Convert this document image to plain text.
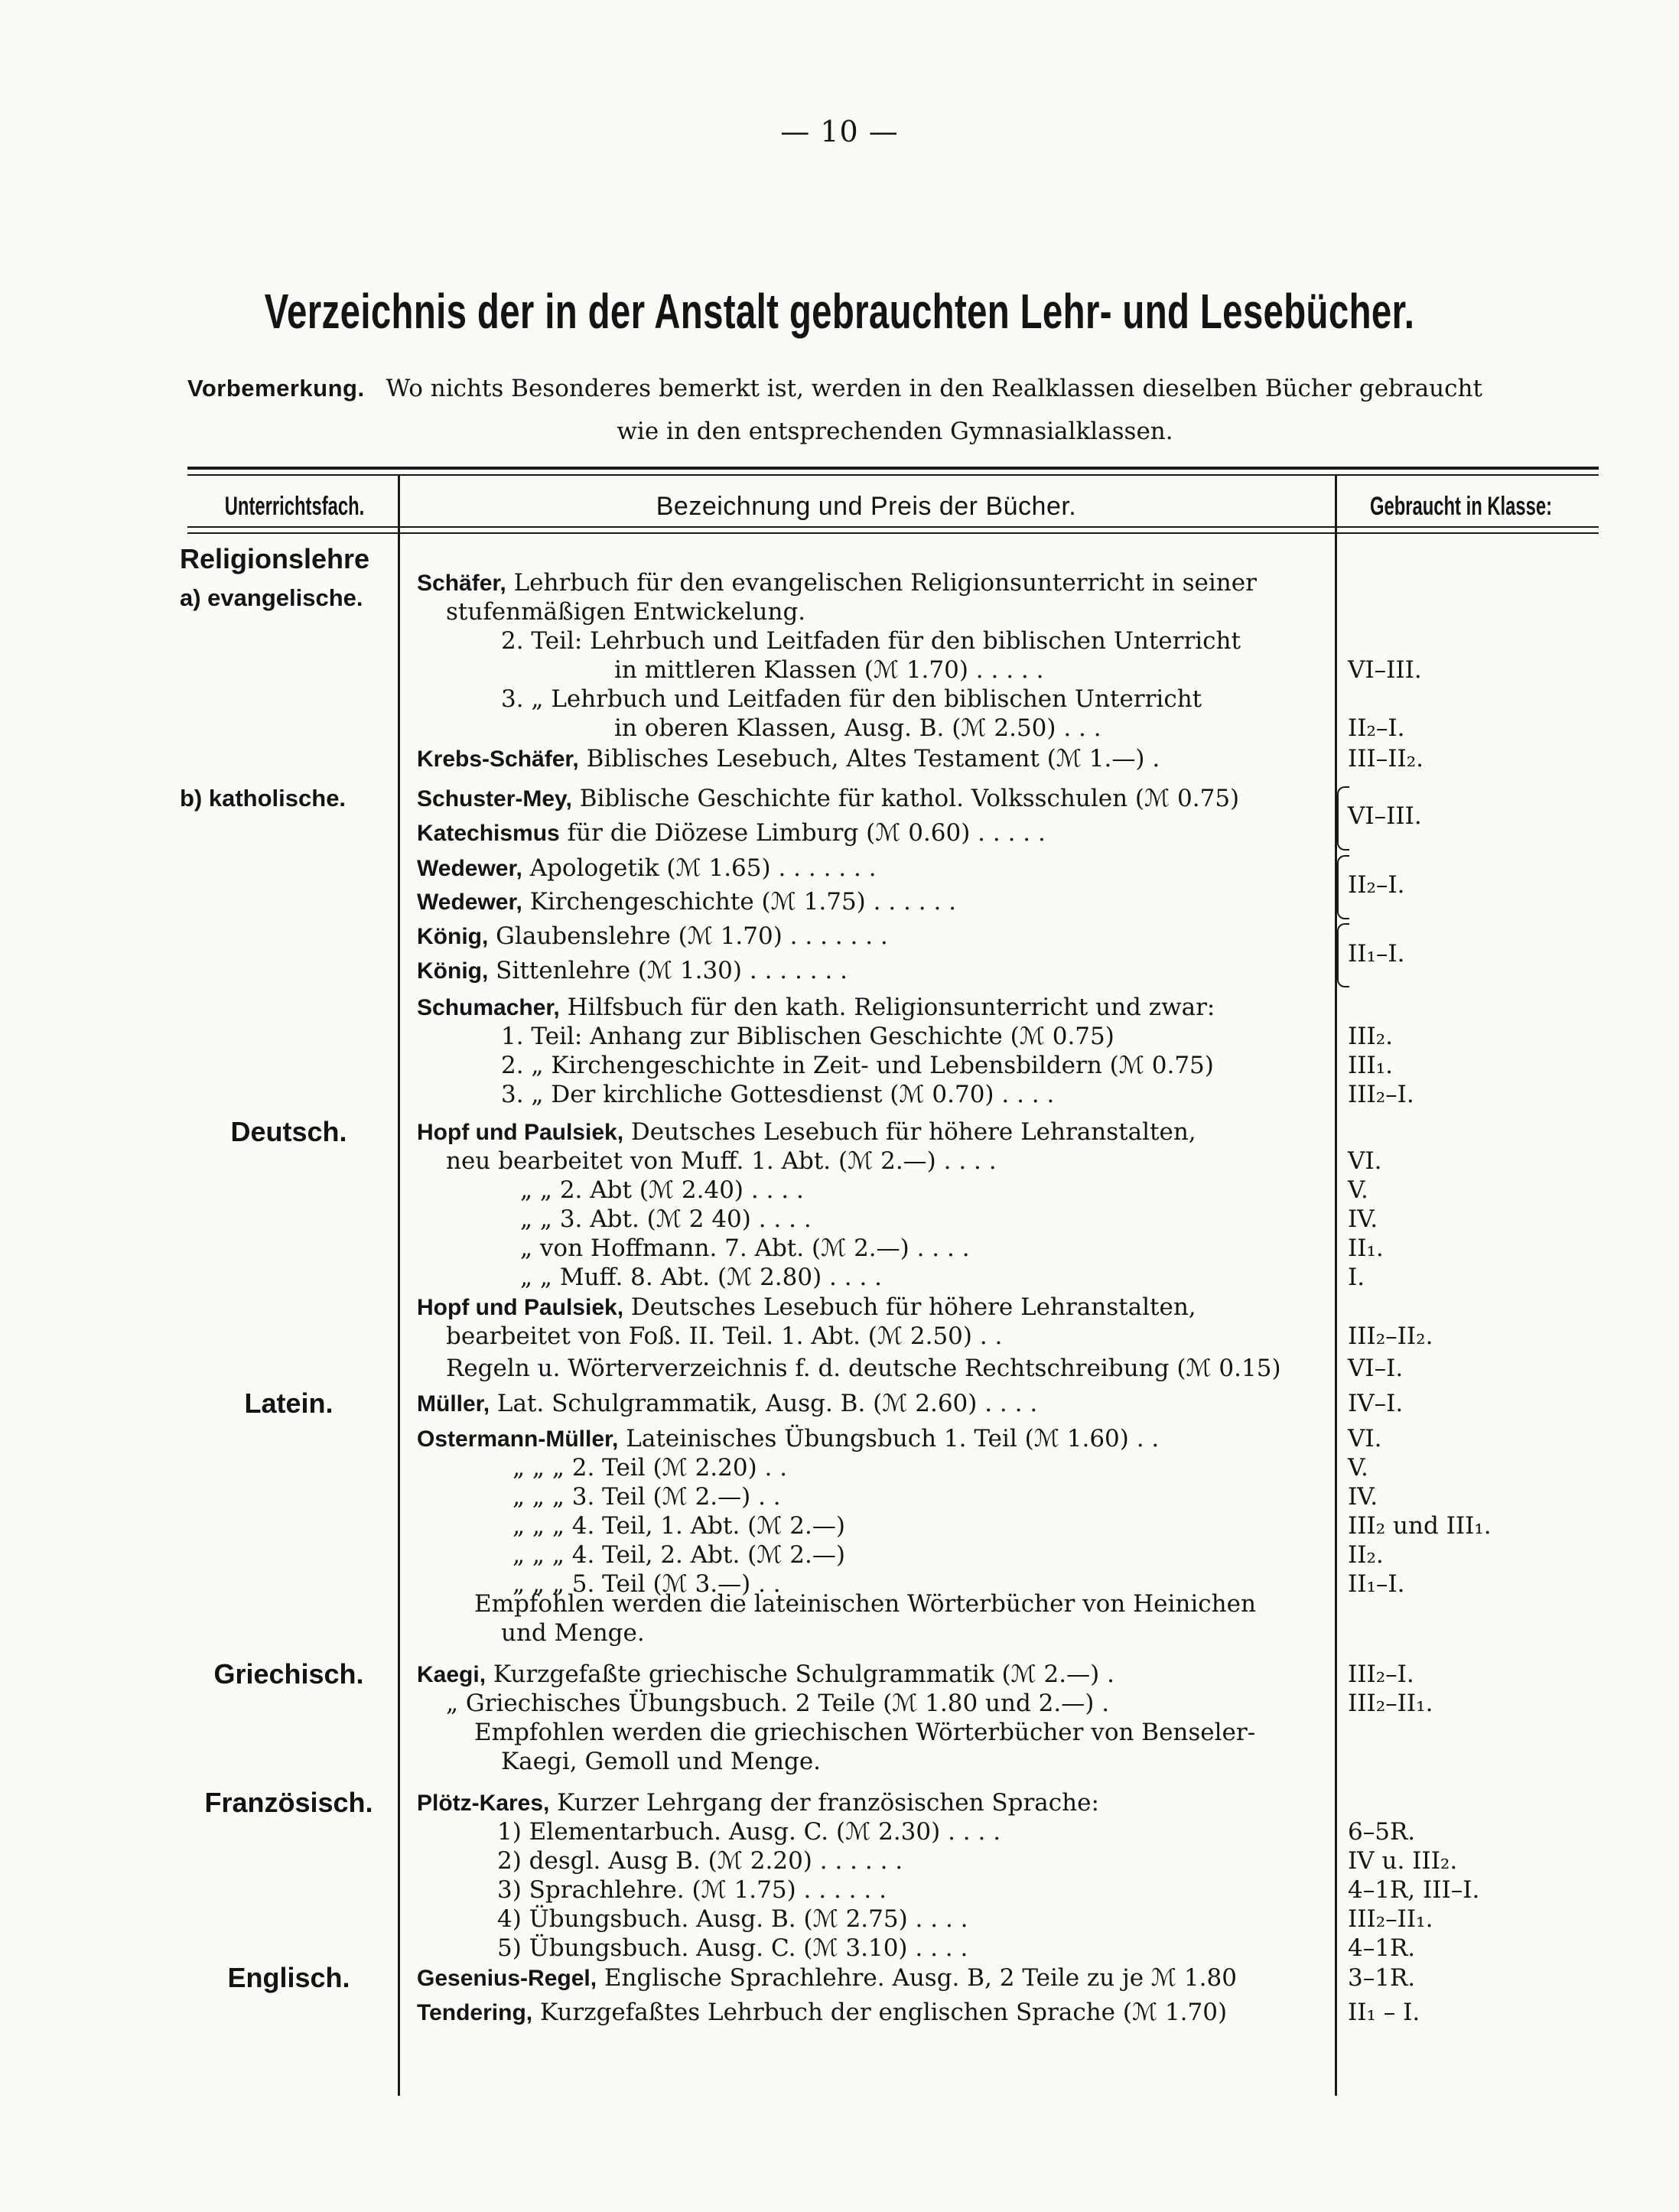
— 10 —
Verzeichnis der in der Anstalt gebrauchten Lehr- und Lesebücher.
Vorbemerkung. Wo nichts Besonderes bemerkt ist, werden in den Realklassen dieselben Bücher gebraucht
wie in den entsprechenden Gymnasialklassen.
Unterrichtsfach.	Bezeichnung und Preis der Bücher.	Gebraucht in Klasse:
Religionslehre
a) evangelische.
b) katholische.
Deutsch.
Latein.
Griechisch.
Französisch.
Englisch.
Schäfer, Lehrbuch für den evangelischen Religionsunterricht in seiner
stufenmäßigen Entwickelung.
2. Teil: Lehrbuch und Leitfaden für den biblischen Unterricht
in mittleren Klassen (ℳ 1.70) . . . . .
3. „ Lehrbuch und Leitfaden für den biblischen Unterricht
in oberen Klassen, Ausg. B. (ℳ 2.50) . . .
Krebs-Schäfer, Biblisches Lesebuch, Altes Testament (ℳ 1.—) .
Schuster-Mey, Biblische Geschichte für kathol. Volksschulen (ℳ 0.75)
Katechismus für die Diözese Limburg (ℳ 0.60) . . . . .
Wedewer, Apologetik (ℳ 1.65) . . . . . . .
Wedewer, Kirchengeschichte (ℳ 1.75) . . . . . .
König, Glaubenslehre (ℳ 1.70) . . . . . . .
König, Sittenlehre (ℳ 1.30) . . . . . . .
Schumacher, Hilfsbuch für den kath. Religionsunterricht und zwar:
1. Teil: Anhang zur Biblischen Geschichte (ℳ 0.75)
2. „ Kirchengeschichte in Zeit- und Lebensbildern (ℳ 0.75)
3. „ Der kirchliche Gottesdienst (ℳ 0.70) . . . .
Hopf und Paulsiek, Deutsches Lesebuch für höhere Lehranstalten,
neu bearbeitet von Muff. 1. Abt. (ℳ 2.—) . . . .
„ „ 2. Abt (ℳ 2.40) . . . .
„ „ 3. Abt. (ℳ 2 40) . . . .
„ von Hoffmann. 7. Abt. (ℳ 2.—) . . . .
„ „ Muff. 8. Abt. (ℳ 2.80) . . . .
Hopf und Paulsiek, Deutsches Lesebuch für höhere Lehranstalten,
bearbeitet von Foß. II. Teil. 1. Abt. (ℳ 2.50) . .
Regeln u. Wörterverzeichnis f. d. deutsche Rechtschreibung (ℳ 0.15)
Müller, Lat. Schulgrammatik, Ausg. B. (ℳ 2.60) . . . .
Ostermann-Müller, Lateinisches Übungsbuch 1. Teil (ℳ 1.60) . .
„ „ „ 2. Teil (ℳ 2.20) . .
„ „ „ 3. Teil (ℳ 2.—) . .
„ „ „ 4. Teil, 1. Abt. (ℳ 2.—)
„ „ „ 4. Teil, 2. Abt. (ℳ 2.—)
„ „ „ 5. Teil (ℳ 3.—) . .
Empfohlen werden die lateinischen Wörterbücher von Heinichen
und Menge.
Kaegi, Kurzgefaßte griechische Schulgrammatik (ℳ 2.—) .
„ Griechisches Übungsbuch. 2 Teile (ℳ 1.80 und 2.—) .
Empfohlen werden die griechischen Wörterbücher von Benseler-
Kaegi, Gemoll und Menge.
Plötz-Kares, Kurzer Lehrgang der französischen Sprache:
1) Elementarbuch. Ausg. C. (ℳ 2.30) . . . .
2) desgl. Ausg B. (ℳ 2.20) . . . . . .
3) Sprachlehre. (ℳ 1.75) . . . . . .
4) Übungsbuch. Ausg. B. (ℳ 2.75) . . . .
5) Übungsbuch. Ausg. C. (ℳ 3.10) . . . .
Gesenius-Regel, Englische Sprachlehre. Ausg. B, 2 Teile zu je ℳ 1.80
Tendering, Kurzgefaßtes Lehrbuch der englischen Sprache (ℳ 1.70)
VI–III.
II₂–I.
III–II₂.
VI–III.
II₂–I.
II₁–I.
III₂.
III₁.
III₂–I.
VI.
V.
IV.
II₁.
I.
III₂–II₂.
VI–I.
IV–I.
VI.
V.
IV.
III₂ und III₁.
II₂.
II₁–I.
III₂–I.
III₂–II₁.
6–5R.
IV u. III₂.
4–1R, III–I.
III₂–II₁.
4–1R.
3–1R.
II₁ – I.
